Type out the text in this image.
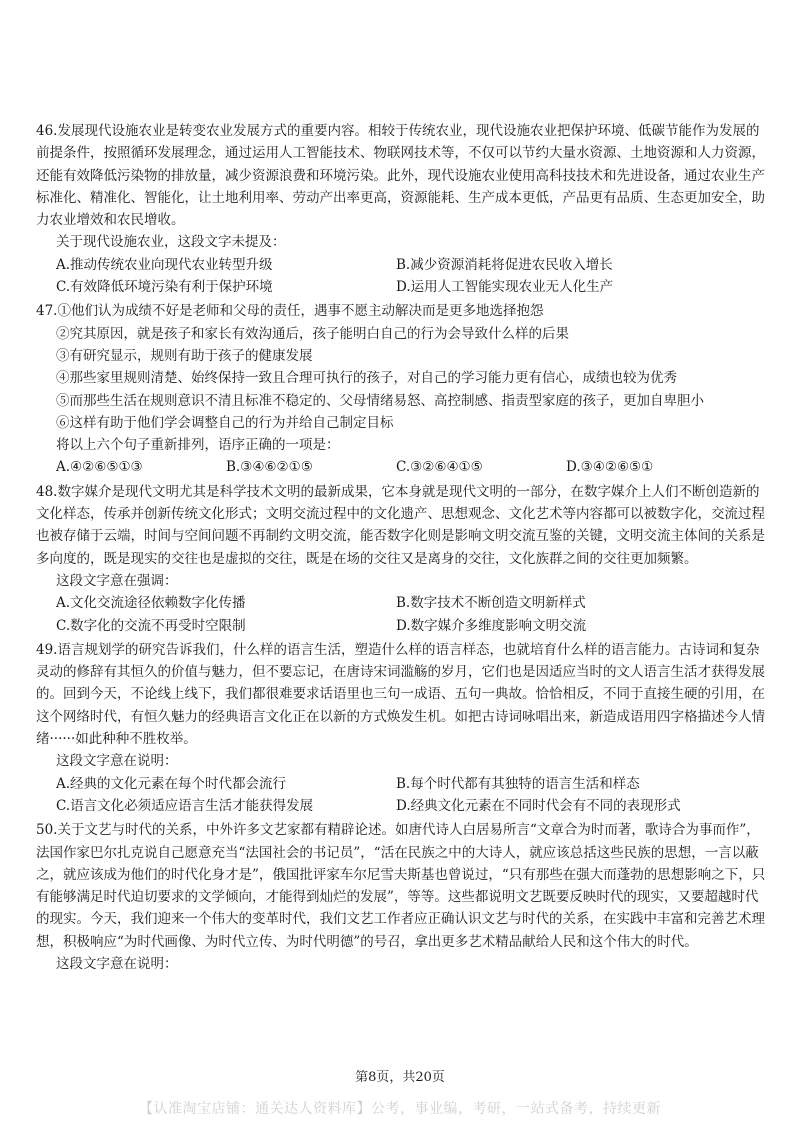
46.发展现代设施农业是转变农业发展方式的重要内容。相较于传统农业，现代设施农业把保护环境、低碳节能作为发展的前提条件，按照循环发展理念，通过运用人工智能技术、物联网技术等，不仅可以节约大量水资源、土地资源和人力资源，还能有效降低污染物的排放量，减少资源浪费和环境污染。此外，现代设施农业使用高科技技术和先进设备，通过农业生产标准化、精准化、智能化，让土地利用率、劳动产出率更高，资源能耗、生产成本更低，产品更有品质、生态更加安全，助力农业增效和农民增收。

关于现代设施农业，这段文字未提及：

A.推动传统农业向现代农业转型升级	B.减少资源消耗将促进农民收入增长
C.有效降低环境污染有利于保护环境	D.运用人工智能实现农业无人化生产

47.①他们认为成绩不好是老师和父母的责任，遇事不愿主动解决而是更多地选择抱怨

②究其原因，就是孩子和家长有效沟通后，孩子能明白自己的行为会导致什么样的后果

③有研究显示，规则有助于孩子的健康发展

④那些家里规则清楚、始终保持一致且合理可执行的孩子，对自己的学习能力更有信心，成绩也较为优秀

⑤而那些生活在规则意识不清且标准不稳定的、父母情绪易怒、高控制感、指责型家庭的孩子，更加自卑胆小

⑥这样有助于他们学会调整自己的行为并给自己制定目标

将以上六个句子重新排列，语序正确的一项是：

A.④②⑥⑤①③	B.③④⑥②①⑤	C.③②⑥④①⑤	D.③④②⑥⑤①

48.数字媒介是现代文明尤其是科学技术文明的最新成果，它本身就是现代文明的一部分，在数字媒介上人们不断创造新的文化样态，传承并创新传统文化形式；文明交流过程中的文化遗产、思想观念、文化艺术等内容都可以被数字化，交流过程也被存储于云端，时间与空间问题不再制约文明交流，能否数字化则是影响文明交流互鉴的关键，文明交流主体间的关系是多向度的，既是现实的交往也是虚拟的交往，既是在场的交往又是离身的交往，文化族群之间的交往更加频繁。

这段文字意在强调：

A.文化交流途径依赖数字化传播	B.数字技术不断创造文明新样式
C.数字化的交流不再受时空限制	D.数字媒介多维度影响文明交流

49.语言规划学的研究告诉我们，什么样的语言生活，塑造什么样的语言样态，也就培育什么样的语言能力。古诗词和复杂灵动的修辞有其恒久的价值与魅力，但不要忘记，在唐诗宋词滥觞的岁月，它们也是因适应当时的文人语言生活才获得发展的。回到今天，不论线上线下，我们都很难要求话语里也三句一成语、五句一典故。恰恰相反，不同于直接生硬的引用，在这个网络时代，有恒久魅力的经典语言文化正在以新的方式焕发生机。如把古诗词咏唱出来，新造成语用四字格描述今人情绪······如此种种不胜枚举。

这段文字意在说明：

A.经典的文化元素在每个时代都会流行	B.每个时代都有其独特的语言生活和样态
C.语言文化必须适应语言生活才能获得发展	D.经典文化元素在不同时代会有不同的表现形式

50.关于文艺与时代的关系，中外许多文艺家都有精辟论述。如唐代诗人白居易所言“文章合为时而著，歌诗合为事而作”，法国作家巴尔扎克说自己愿意充当“法国社会的书记员”，“活在民族之中的大诗人，就应该总括这些民族的思想，一言以蔽之，就应该成为他们的时代化身才是”，俄国批评家车尔尼雪夫斯基也曾说过，“只有那些在强大而蓬勃的思想影响之下，只有能够满足时代迫切要求的文学倾向，才能得到灿烂的发展”，等等。这些都说明文艺既要反映时代的现实，又要超越时代的现实。今天，我们迎来一个伟大的变革时代，我们文艺工作者应正确认识文艺与时代的关系，在实践中丰富和完善艺术理想，积极响应“为时代画像、为时代立传、为时代明德”的号召，拿出更多艺术精品献给人民和这个伟大的时代。

这段文字意在说明：

第8页，共20页
【认准淘宝店铺：通关达人资料库】公考，事业编，考研，一站式备考，持续更新
